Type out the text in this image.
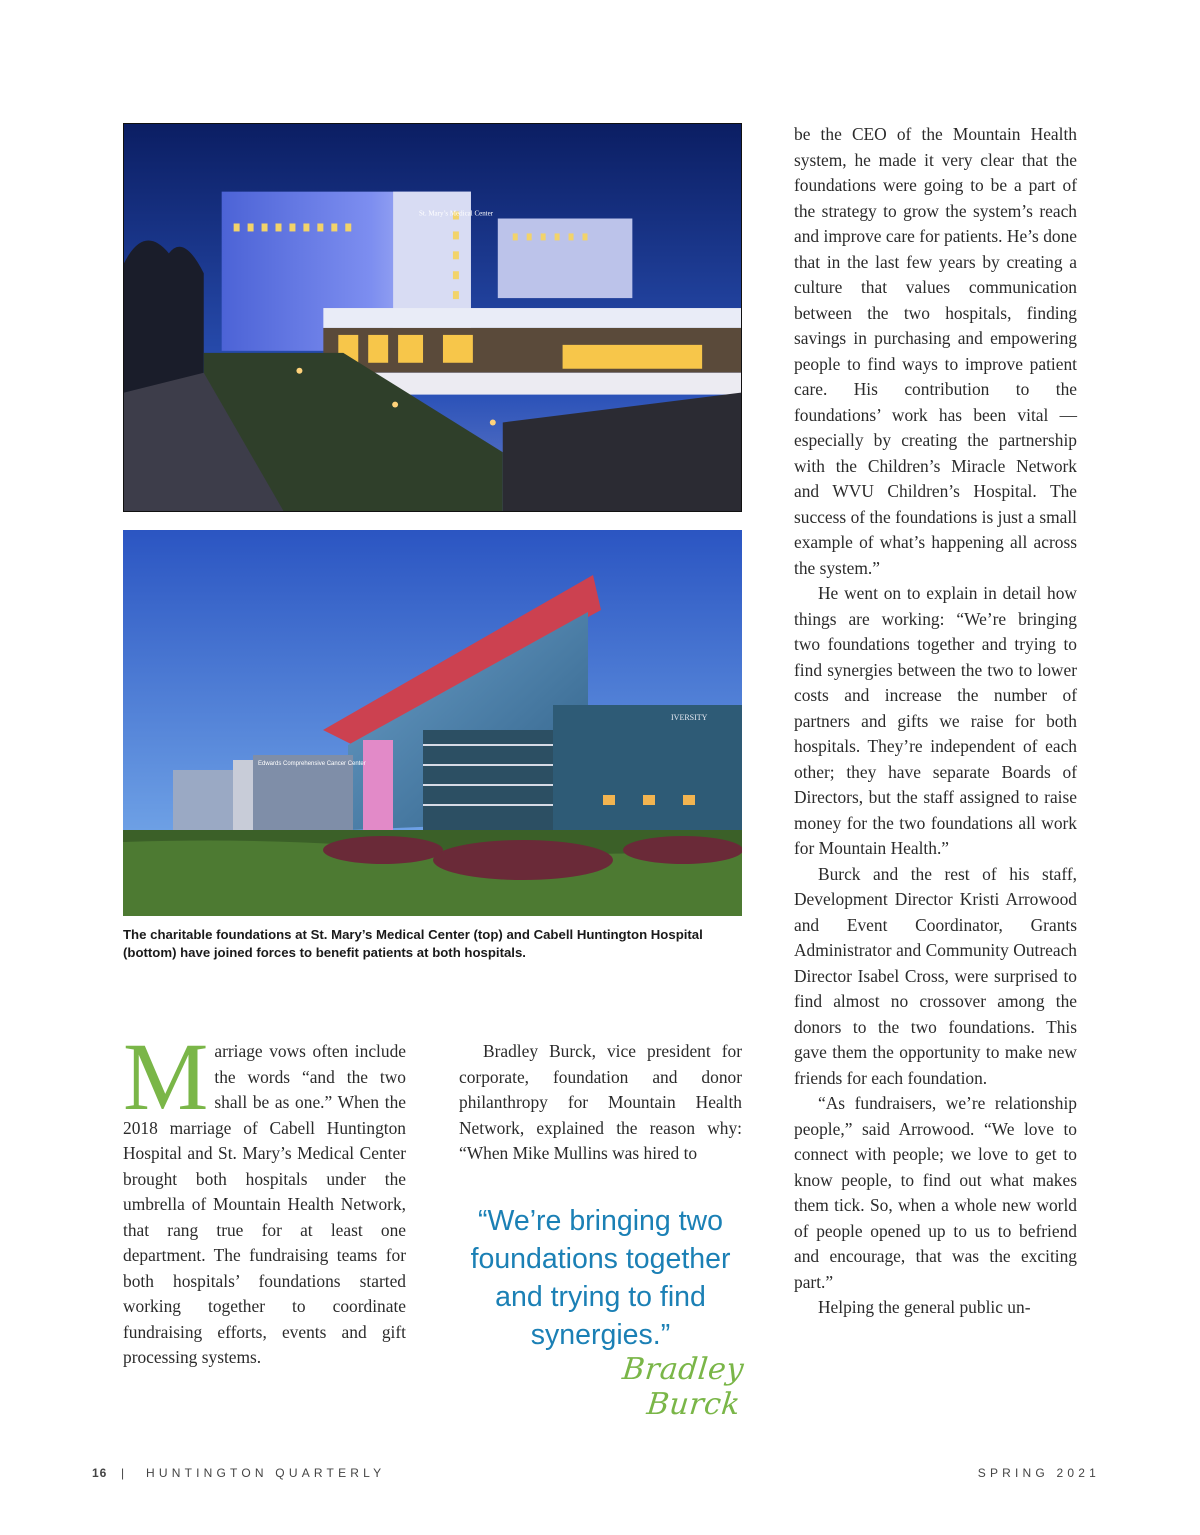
St. Mary’s Medical Center
Edwards Comprehensive Cancer Center
IVERSITY
The charitable foundations at St. Mary’s Medical Center (top) and Cabell Huntington Hospital (bottom) have joined forces to benefit patients at both hospitals.

Marriage vows often include the words “and the two shall be as one.” When the 2018 marriage of Cabell Huntington Hospital and St. Mary’s Medical Center brought both hospitals under the umbrella of Mountain Health Network, that rang true for at least one department. The fundraising teams for both hospitals’ foundations started working together to coordinate fundraising efforts, events and gift processing systems.

Bradley Burck, vice president for corporate, foundation and donor philanthropy for Mountain Health Network, explained the reason why: “When Mike Mullins was hired to

“We’re bringing two foundations together and trying to find synergies.”
Bradley Burck

be the CEO of the Mountain Health system, he made it very clear that the foundations were going to be a part of the strategy to grow the system’s reach and improve care for patients. He’s done that in the last few years by creating a culture that values communication between the two hospitals, finding savings in purchasing and empowering people to find ways to improve patient care. His contribution to the foundations’ work has been vital — especially by creating the partnership with the Children’s Miracle Network and WVU Children’s Hospital. The success of the foundations is just a small example of what’s happening all across the system.”

He went on to explain in detail how things are working: “We’re bringing two foundations together and trying to find synergies between the two to lower costs and increase the number of partners and gifts we raise for both hospitals. They’re independent of each other; they have separate Boards of Directors, but the staff assigned to raise money for the two foundations all work for Mountain Health.”

Burck and the rest of his staff, Development Director Kristi Arrowood and Event Coordinator, Grants Administrator and Community Outreach Director Isabel Cross, were surprised to find almost no crossover among the donors to the two foundations. This gave them the opportunity to make new friends for each foundation.

“As fundraisers, we’re relationship people,” said Arrowood. “We love to connect with people; we love to get to know people, to find out what makes them tick. So, when a whole new world of people opened up to us to befriend and encourage, that was the exciting part.”

Helping the general public un-

16 | HUNTINGTON QUARTERLY	SPRING 2021
